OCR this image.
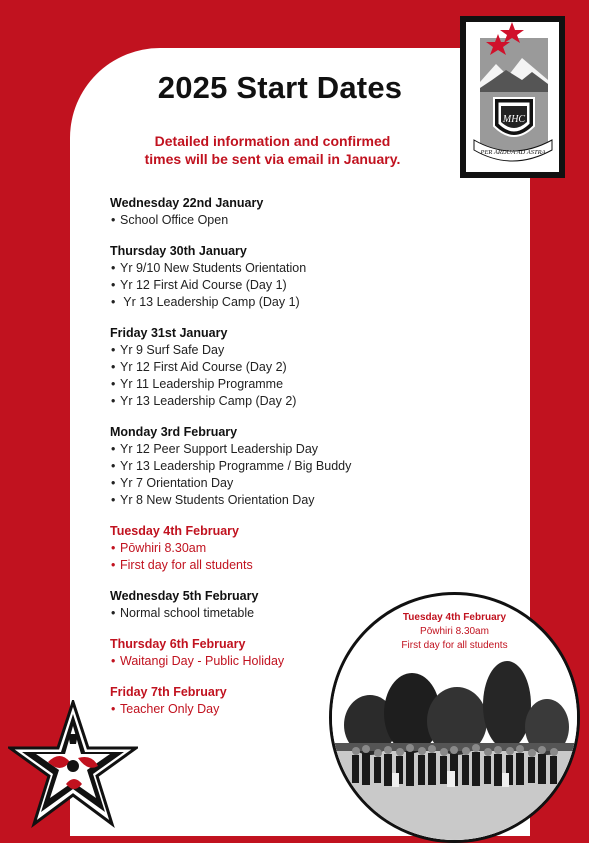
2025 Start Dates
Detailed information and confirmed
times will be sent via email in January.
Wednesday 22nd January
• School Office Open
Thursday 30th January
• Yr 9/10 New Students Orientation
• Yr 12 First Aid Course (Day 1)
•  Yr 13 Leadership Camp (Day 1)
Friday 31st January
• Yr 9 Surf Safe Day
• Yr 12 First Aid Course (Day 2)
• Yr 11 Leadership Programme
• Yr 13 Leadership Camp (Day 2)
Monday 3rd February
• Yr 12 Peer Support Leadership Day
• Yr 13 Leadership Programme / Big Buddy
• Yr 7 Orientation Day
• Yr 8 New Students Orientation Day
Tuesday 4th February
• Pōwhiri 8.30am
• First day for all students
Wednesday 5th February
• Normal school timetable
Thursday 6th February
• Waitangi Day - Public Holiday
Friday 7th February
• Teacher Only Day
MHC
PER ARDUA AD ASTRA
Tuesday 4th February
Pōwhiri 8.30am
First day for all students
